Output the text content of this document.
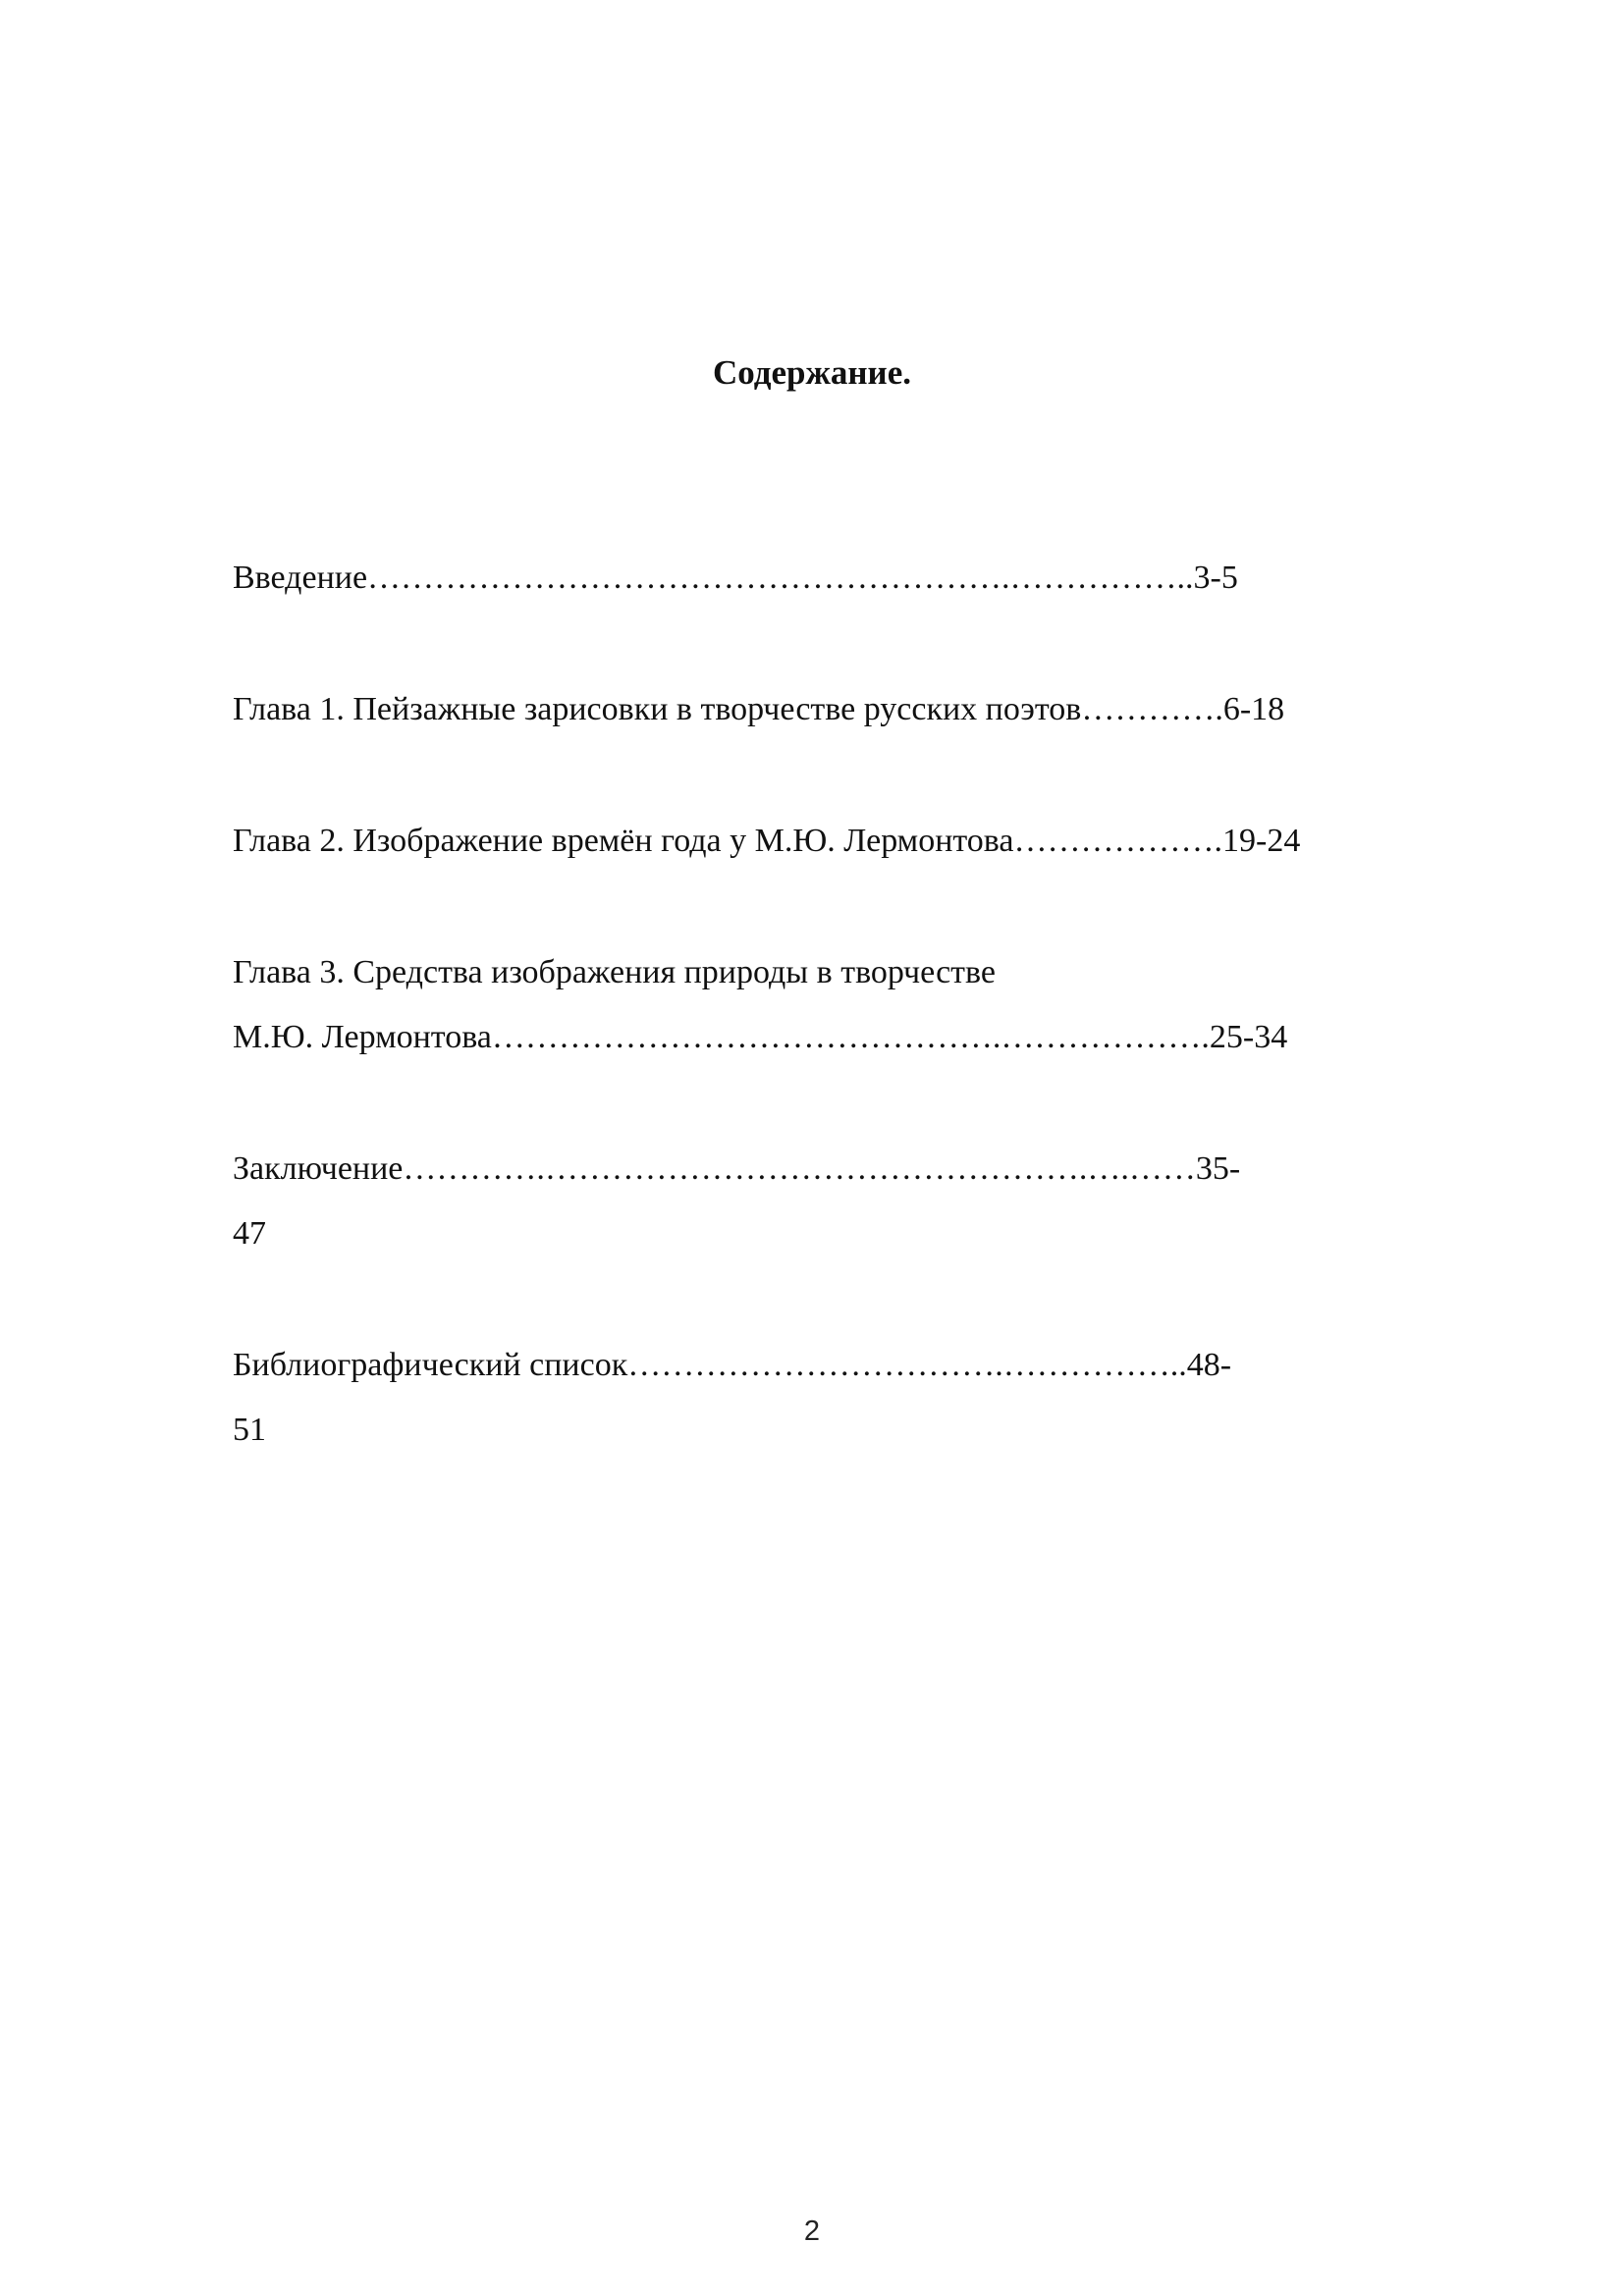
Содержание.
Введение………………………………………………….……………..3-5
Глава 1. Пейзажные зарисовки в творчестве русских поэтов………….6-18
Глава 2. Изображение времён года у М.Ю. Лермонтова……………….19-24
Глава 3. Средства изображения природы в творчестве
М.Ю. Лермонтова……………………………………….……………….25-34
Заключение………….………………………………………….….……35-
47
Библиографический список…………………………….……………..48-
51
2
